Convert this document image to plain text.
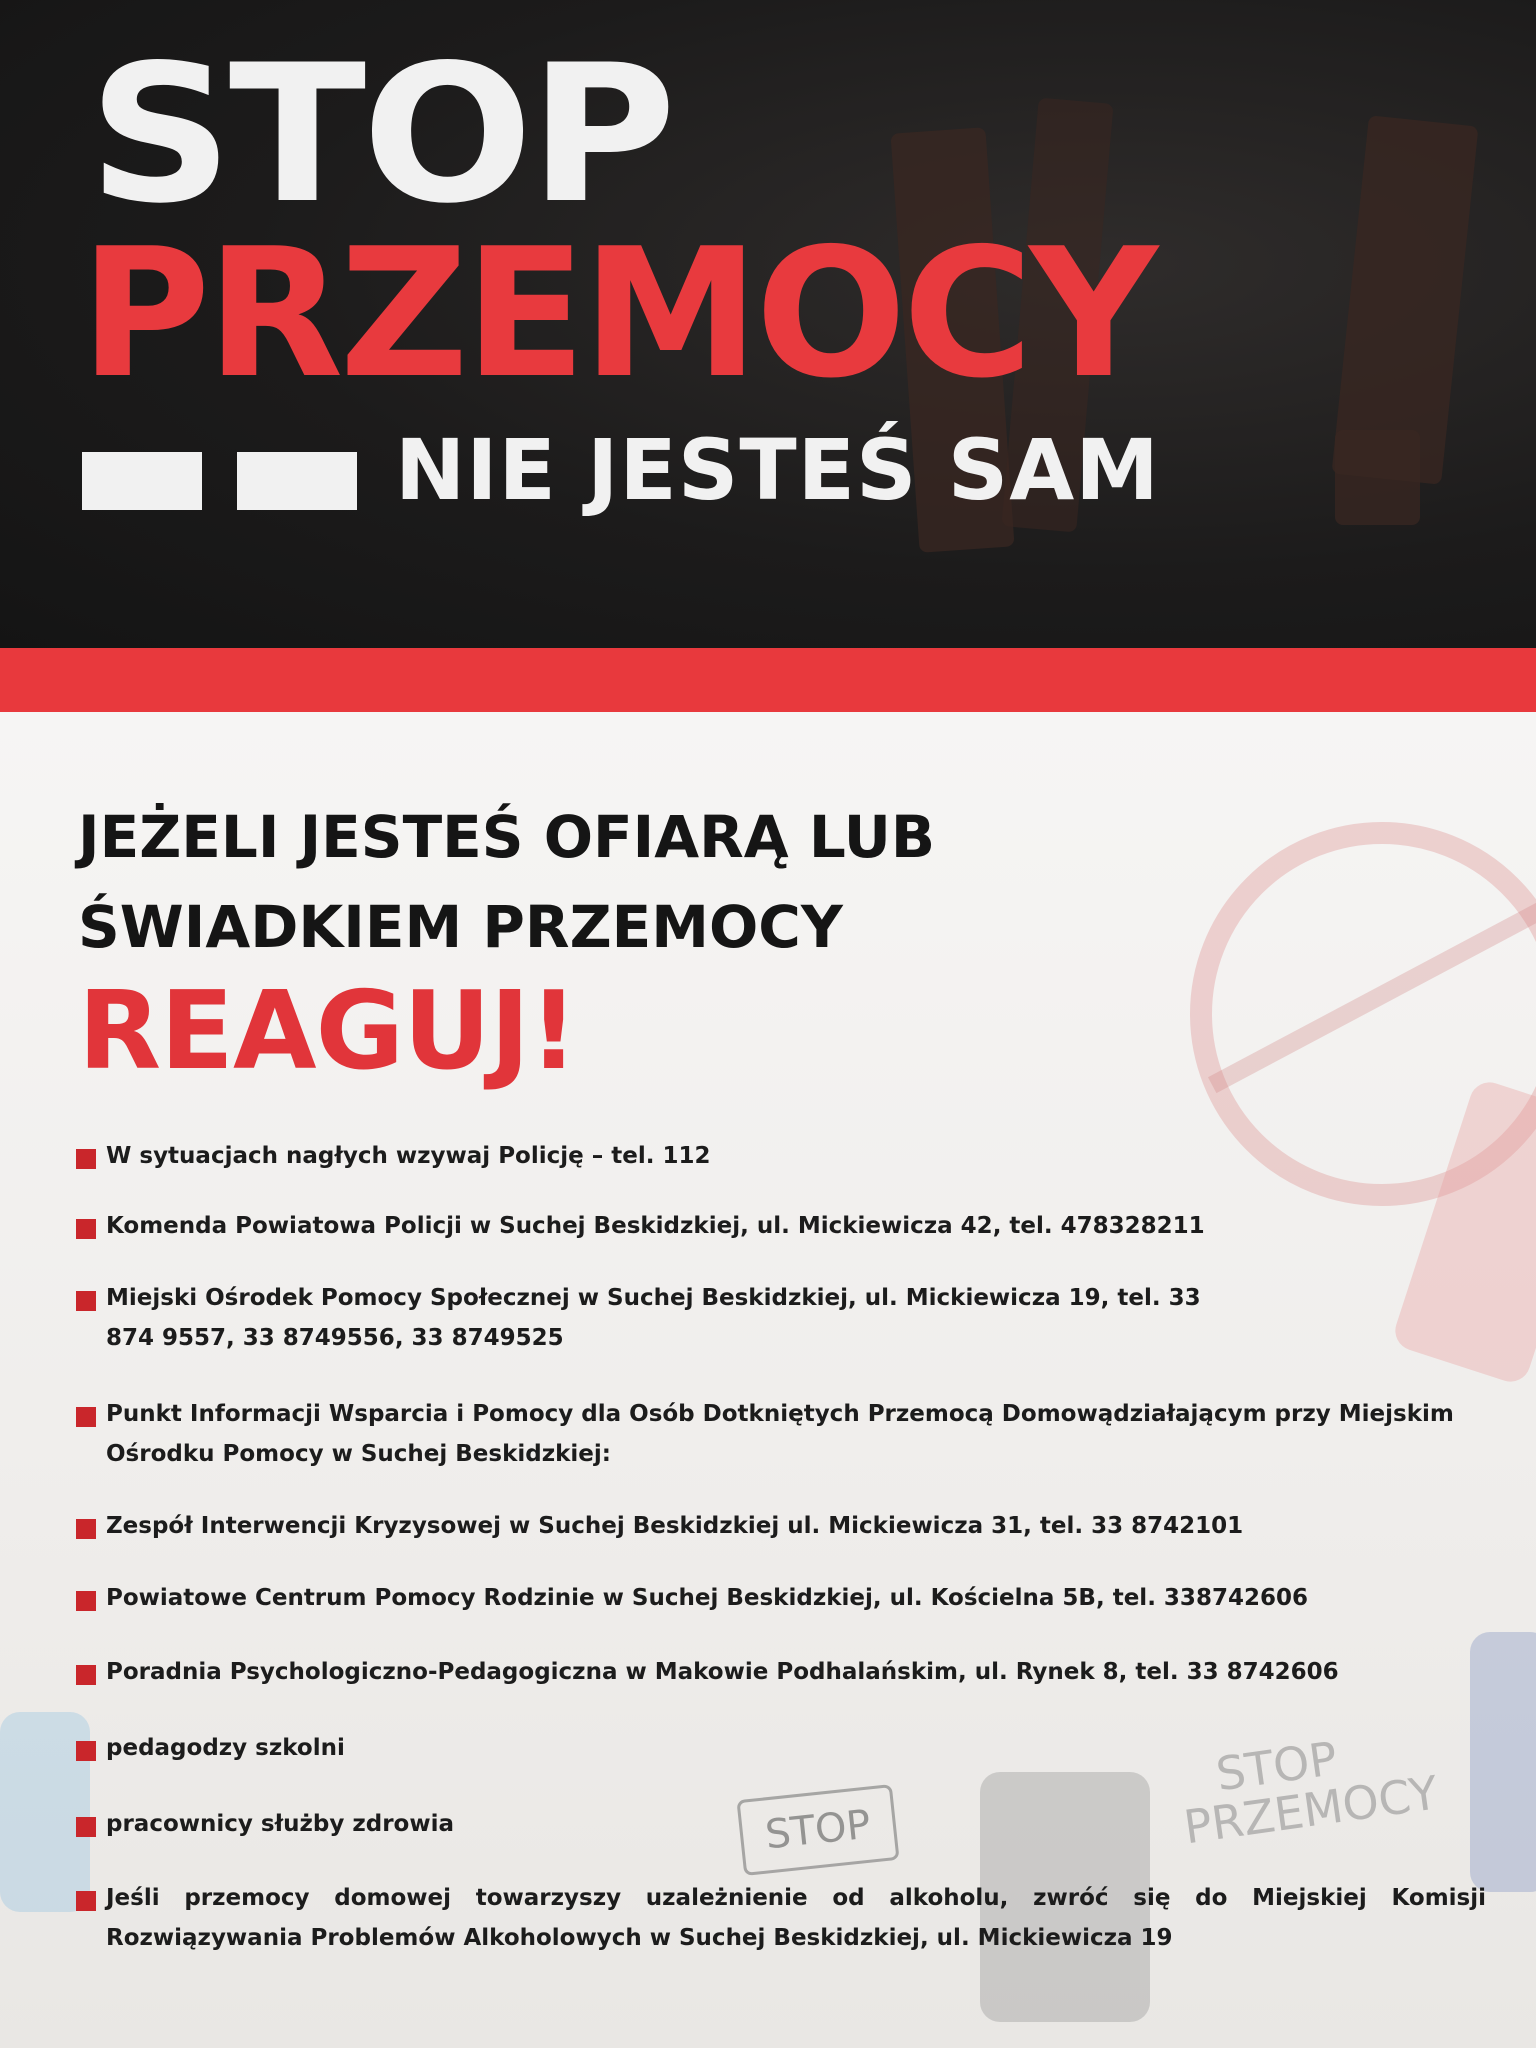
STOP
PRZEMOCY
NIE JESTEŚ SAM
STOP
STOP PRZEMOCY
JEŻELI JESTEŚ OFIARĄ LUB
ŚWIADKIEM PRZEMOCY
REAGUJ!
W sytuacjach nagłych wzywaj Policję – tel. 112
Komenda Powiatowa Policji w Suchej Beskidzkiej, ul. Mickiewicza 42, tel. 478328211
Miejski Ośrodek Pomocy Społecznej w Suchej Beskidzkiej, ul. Mickiewicza 19, tel. 33 874 9557, 33 8749556, 33 8749525
Punkt Informacji Wsparcia i Pomocy dla Osób Dotkniętych Przemocą Domowądziałającym przy Miejskim Ośrodku Pomocy w Suchej Beskidzkiej:
Zespół Interwencji Kryzysowej w Suchej Beskidzkiej ul. Mickiewicza 31, tel. 33 8742101
Powiatowe Centrum Pomocy Rodzinie w Suchej Beskidzkiej, ul. Kościelna 5B, tel. 338742606
Poradnia Psychologiczno-Pedagogiczna w Makowie Podhalańskim, ul. Rynek 8, tel. 33 8742606
pedagodzy szkolni
pracownicy służby zdrowia
Jeśli przemocy domowej towarzyszy uzależnienie od alkoholu, zwróć się do Miejskiej Komisji Rozwiązywania Problemów Alkoholowych w Suchej Beskidzkiej, ul. Mickiewicza 19
